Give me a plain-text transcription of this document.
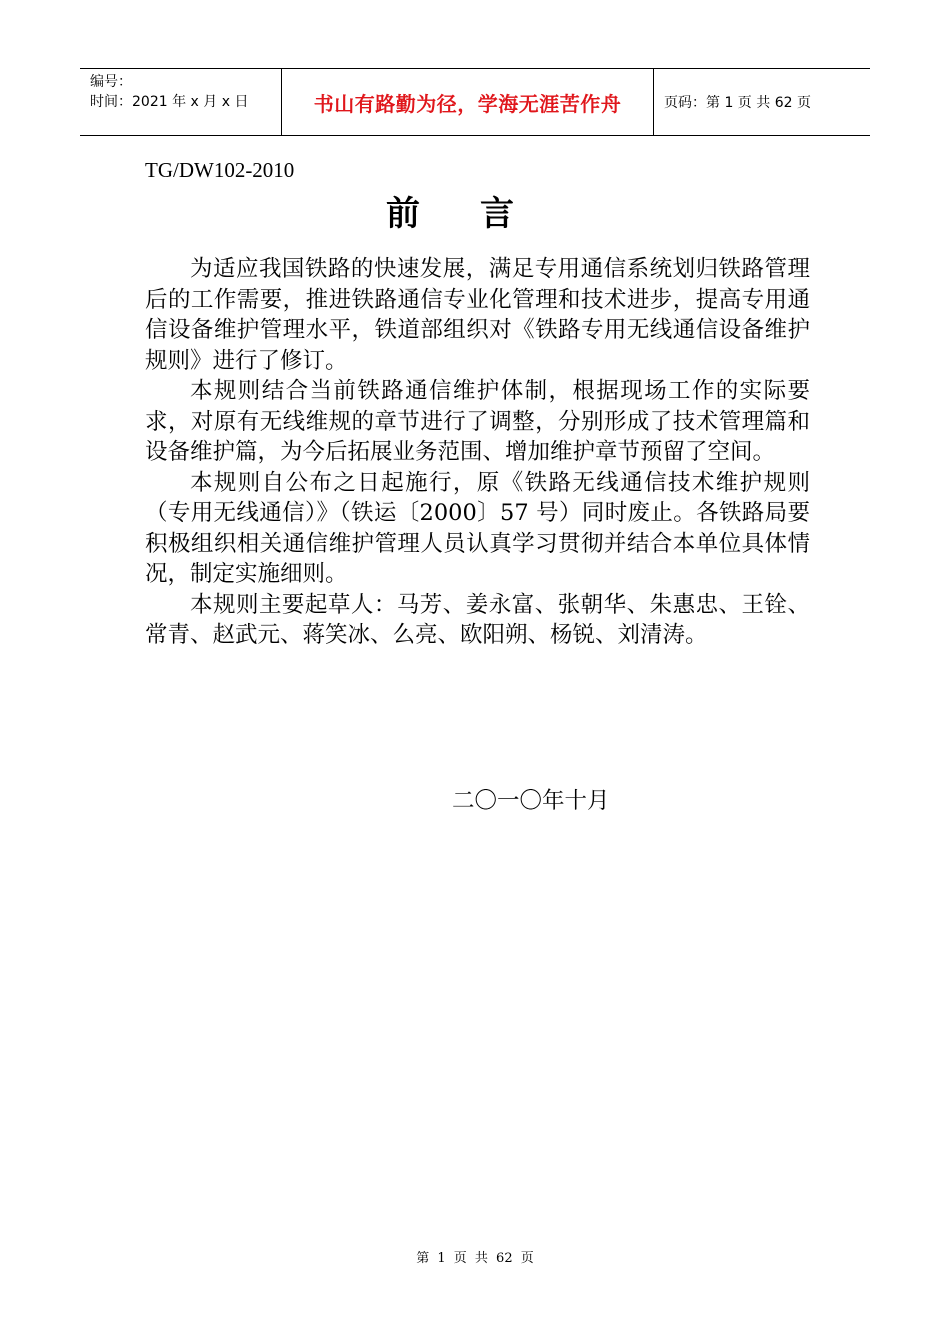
编号：
时间：2021 年 x 月 x 日	书山有路勤为径，学海无涯苦作舟	页码：第 1 页 共 62 页
TG/DW102-2010
前言

为适应我国铁路的快速发展，满足专用通信系统划归铁路管理后的工作需要，推进铁路通信专业化管理和技术进步，提高专用通信设备维护管理水平，铁道部组织对《铁路专用无线通信设备维护规则》进行了修订。

本规则结合当前铁路通信维护体制，根据现场工作的实际要求，对原有无线维规的章节进行了调整，分别形成了技术管理篇和设备维护篇，为今后拓展业务范围、增加维护章节预留了空间。

本规则自公布之日起施行，原《铁路无线通信技术维护规则（专用无线通信）》（铁运〔2000〕57 号）同时废止。各铁路局要积极组织相关通信维护管理人员认真学习贯彻并结合本单位具体情况，制定实施细则。

本规则主要起草人：马芳、姜永富、张朝华、朱惠忠、王铨、常青、赵武元、蒋笑冰、么亮、欧阳朔、杨锐、刘清涛。

二〇一〇年十月
第 1 页 共 62 页
